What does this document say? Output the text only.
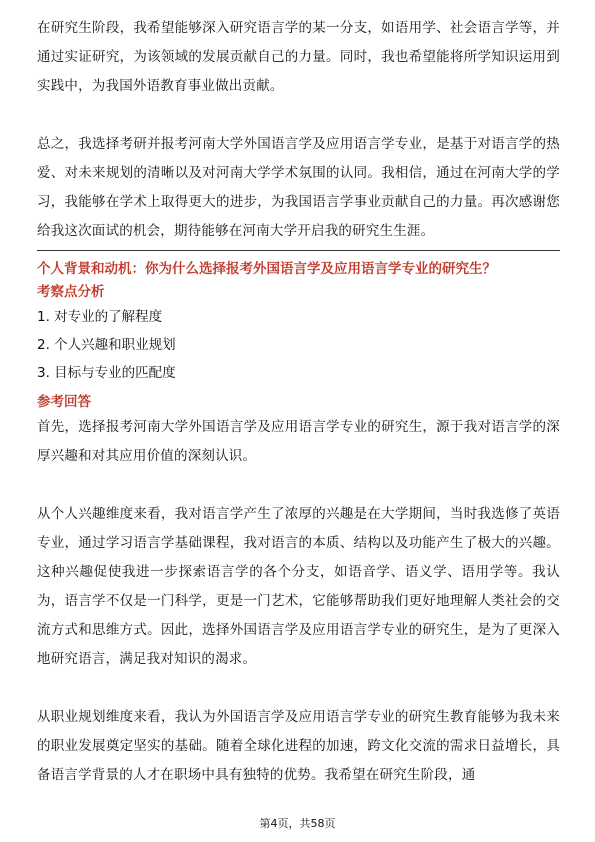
在研究生阶段，我希望能够深入研究语言学的某一分支，如语用学、社会语言学等，并通过实证研究，为该领域的发展贡献自己的力量。同时，我也希望能将所学知识运用到实践中，为我国外语教育事业做出贡献。

总之，我选择考研并报考河南大学外国语言学及应用语言学专业，是基于对语言学的热爱、对未来规划的清晰以及对河南大学学术氛围的认同。我相信，通过在河南大学的学习，我能够在学术上取得更大的进步，为我国语言学事业贡献自己的力量。再次感谢您给我这次面试的机会，期待能够在河南大学开启我的研究生生涯。

个人背景和动机：你为什么选择报考外国语言学及应用语言学专业的研究生？

考察点分析

1. 对专业的了解程度

2. 个人兴趣和职业规划

3. 目标与专业的匹配度

参考回答

首先，选择报考河南大学外国语言学及应用语言学专业的研究生，源于我对语言学的深厚兴趣和对其应用价值的深刻认识。

从个人兴趣维度来看，我对语言学产生了浓厚的兴趣是在大学期间，当时我选修了英语专业，通过学习语言学基础课程，我对语言的本质、结构以及功能产生了极大的兴趣。这种兴趣促使我进一步探索语言学的各个分支，如语音学、语义学、语用学等。我认为，语言学不仅是一门科学，更是一门艺术，它能够帮助我们更好地理解人类社会的交流方式和思维方式。因此，选择外国语言学及应用语言学专业的研究生，是为了更深入地研究语言，满足我对知识的渴求。

从职业规划维度来看，我认为外国语言学及应用语言学专业的研究生教育能够为我未来的职业发展奠定坚实的基础。随着全球化进程的加速，跨文化交流的需求日益增长，具备语言学背景的人才在职场中具有独特的优势。我希望在研究生阶段，通

第4页，共58页
